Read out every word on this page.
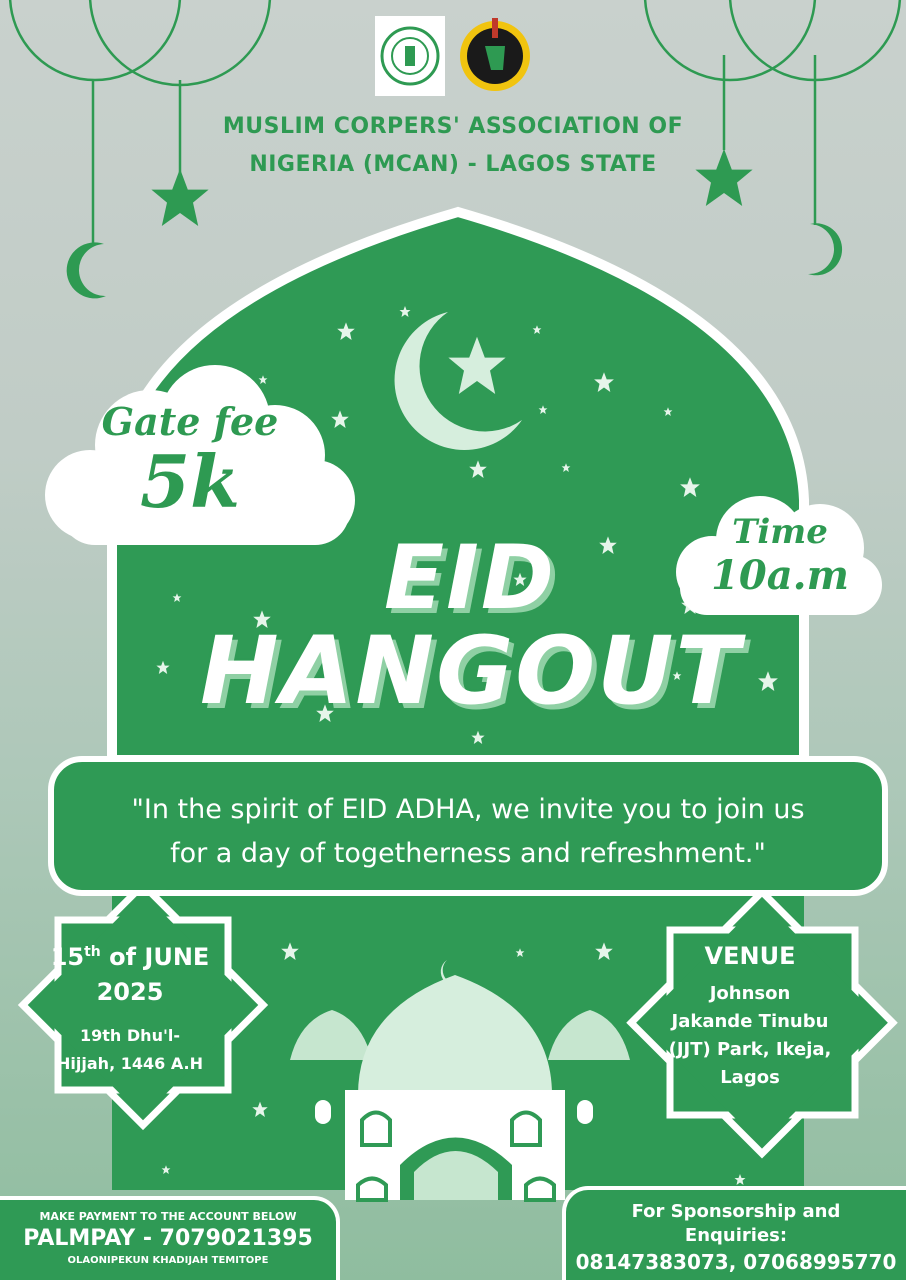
MUSLIM CORPERS' ASSOCIATION OF
NIGERIA (MCAN) - LAGOS STATE
Gate fee
5k
Time
10a.m
EID
HANGOUT

"In the spirit of EID ADHA, we invite you to join us
for a day of togetherness and refreshment."

15th of JUNE
2025
19th Dhu'l-
Hijjah, 1446 A.H
VENUE
Johnson
Jakande Tinubu
(JJT) Park, Ikeja,
Lagos
MAKE PAYMENT TO THE ACCOUNT BELOW
PALMPAY - 7079021395
OLAONIPEKUN KHADIJAH TEMITOPE
For Sponsorship and
Enquiries:
08147383073, 07068995770
